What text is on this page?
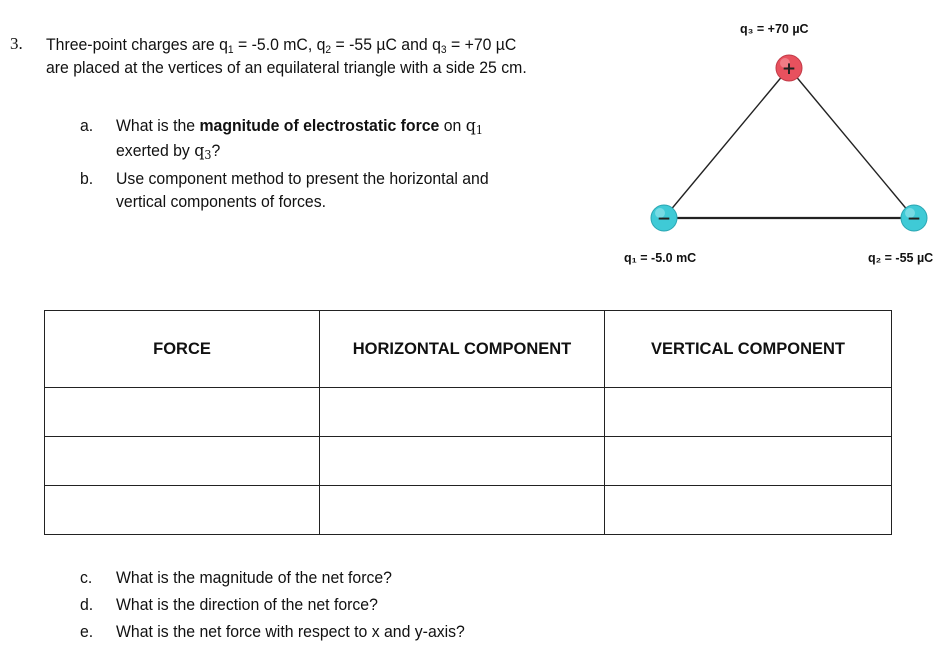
3. Three-point charges are q1 = -5.0 mC, q2 = -55 µC and q3 = +70 µC
are placed at the vertices of an equilateral triangle with a side 25 cm.
a. What is the magnitude of electrostatic force on q1
exerted by q3?
b. Use component method to present the horizontal and
vertical components of forces.
+
−	−
q₃ = +70 µC
q₁ = -5.0 mC	q₂ = -55 µC
FORCE	HORIZONTAL COMPONENT	VERTICAL COMPONENT

c. What is the magnitude of the net force?
d. What is the direction of the net force?
e. What is the net force with respect to x and y-axis?
